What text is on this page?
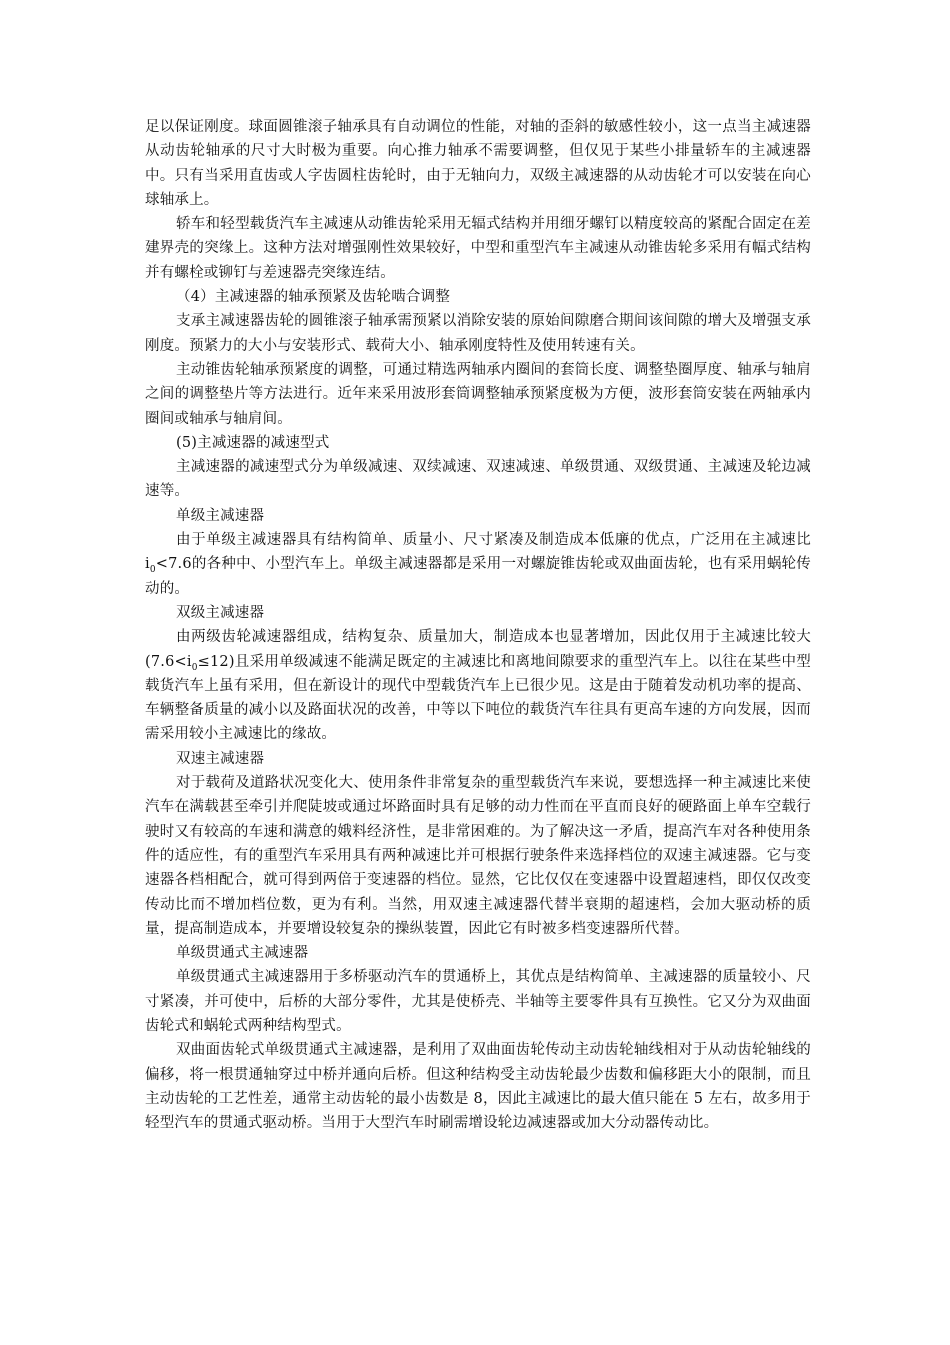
足以保证刚度。球面圆锥滚子轴承具有自动调位的性能，对轴的歪斜的敏感性较小，这一点当主减速器从动齿轮轴承的尺寸大时极为重要。向心推力轴承不需要调整，但仅见于某些小排量轿车的主减速器中。只有当采用直齿或人字齿圆柱齿轮时，由于无轴向力，双级主减速器的从动齿轮才可以安装在向心球轴承上。

轿车和轻型载货汽车主减速从动锥齿轮采用无辐式结构并用细牙螺钉以精度较高的紧配合固定在差建界壳的突缘上。这种方法对增强刚性效果较好，中型和重型汽车主减速从动锥齿轮多采用有幅式结构并有螺栓或铆钉与差速器壳突缘连结。

（4）主减速器的轴承预紧及齿轮啮合调整

支承主减速器齿轮的圆锥滚子轴承需预紧以消除安装的原始间隙磨合期间该间隙的增大及增强支承刚度。预紧力的大小与安装形式、载荷大小、轴承刚度特性及使用转速有关。

主动锥齿轮轴承预紧度的调整，可通过精选两轴承内圈间的套筒长度、调整垫圈厚度、轴承与轴肩之间的调整垫片等方法进行。近年来采用波形套筒调整轴承预紧度极为方便，波形套筒安装在两轴承内圈间或轴承与轴肩间。

(5)主减速器的减速型式

主减速器的减速型式分为单级减速、双续减速、双速减速、单级贯通、双级贯通、主减速及轮边减速等。

单级主减速器

由于单级主减速器具有结构简单、质量小、尺寸紧凑及制造成本低廉的优点，广泛用在主减速比$i_0<7.6$的各种中、小型汽车上。单级主减速器都是采用一对螺旋锥齿轮或双曲面齿轮，也有采用蜗轮传动的。

双级主减速器

由两级齿轮减速器组成，结构复杂、质量加大，制造成本也显著增加，因此仅用于主减速比较大$(7.6<i_0\le 12)$且采用单级减速不能满足既定的主减速比和离地间隙要求的重型汽车上。以往在某些中型载货汽车上虽有采用，但在新设计的现代中型载货汽车上已很少见。这是由于随着发动机功率的提高、车辆整备质量的减小以及路面状况的改善，中等以下吨位的载货汽车往具有更高车速的方向发展，因而需采用较小主减速比的缘故。

双速主减速器

对于载荷及道路状况变化大、使用条件非常复杂的重型载货汽车来说，要想选择一种主减速比来使汽车在满载甚至牵引并爬陡坡或通过坏路面时具有足够的动力性而在平直而良好的硬路面上单车空载行驶时又有较高的车速和满意的娥料经济性，是非常困难的。为了解决这一矛盾，提高汽车对各种使用条件的适应性，有的重型汽车采用具有两种减速比并可根据行驶条件来选择档位的双速主减速器。它与变速器各档相配合，就可得到两倍于变速器的档位。显然，它比仅仅在变速器中设置超速档，即仅仅改变传动比而不增加档位数，更为有利。当然，用双速主减速器代替半衰期的超速档，会加大驱动桥的质量，提高制造成本，并要增设较复杂的操纵装置，因此它有时被多档变速器所代替。

单级贯通式主减速器

单级贯通式主减速器用于多桥驱动汽车的贯通桥上，其优点是结构简单、主减速器的质量较小、尺寸紧凑，并可使中，后桥的大部分零件，尤其是使桥壳、半轴等主要零件具有互换性。它又分为双曲面齿轮式和蜗轮式两种结构型式。

双曲面齿轮式单级贯通式主减速器，是利用了双曲面齿轮传动主动齿轮轴线相对于从动齿轮轴线的偏移，将一根贯通轴穿过中桥并通向后桥。但这种结构受主动齿轮最少齿数和偏移距大小的限制，而且主动齿轮的工艺性差，通常主动齿轮的最小齿数是 8，因此主减速比的最大值只能在 5 左右，故多用于轻型汽车的贯通式驱动桥。当用于大型汽车时刷需增设轮边减速器或加大分动器传动比。
